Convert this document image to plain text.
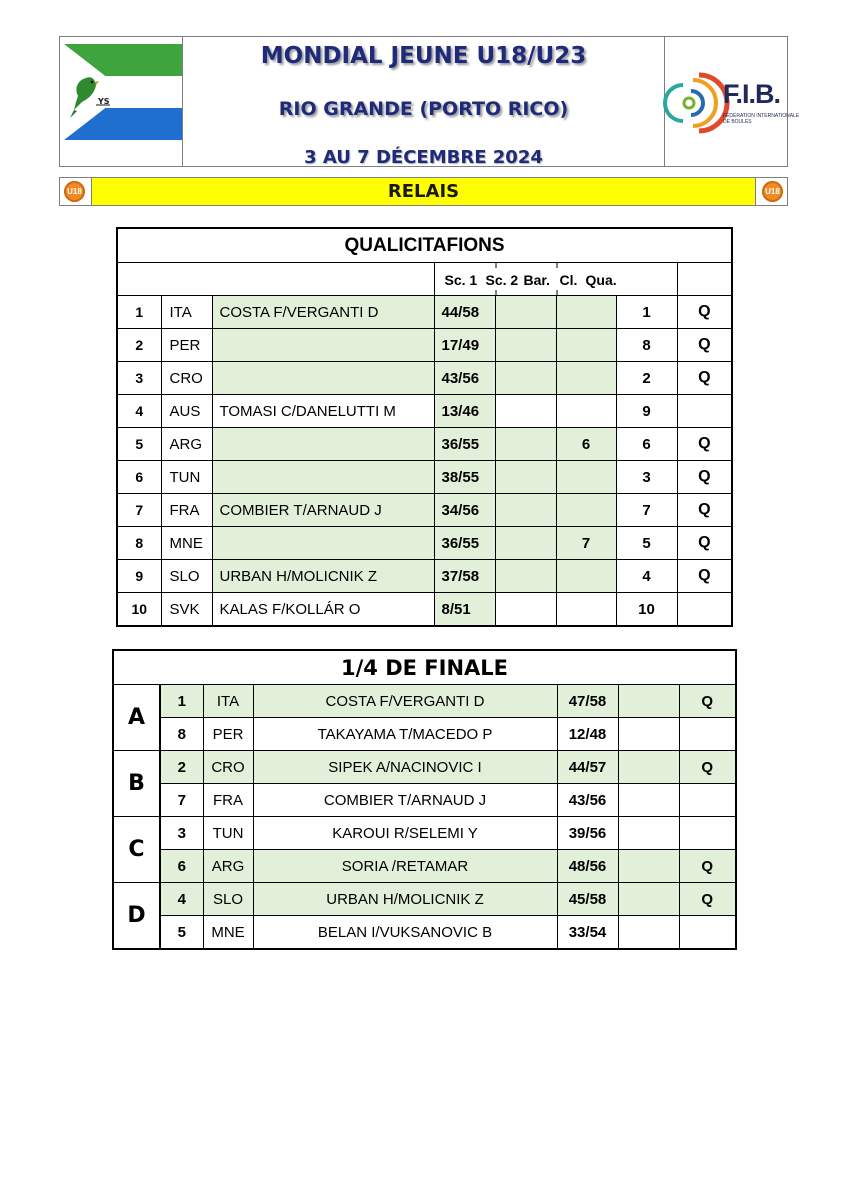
YS
MONDIAL JEUNE U18/U23
RIO GRANDE (PORTO RICO)
3 AU 7 DÉCEMBRE 2024
F.I.B.
FÉDÉRATION INTERNATIONALE
DE BOULES
U18	RELAIS	U18
QUALICITAFIONS							

			Sc. 1 Sc. 2 Bar. Cl. Qua.				

1	ITA	COSTA F/VERGANTI D	44/58			1	Q
2	PER		17/49			8	Q
3	CRO		43/56			2	Q
4	AUS	TOMASI C/DANELUTTI M	13/46			9	
5	ARG		36/55		6	6	Q
6	TUN		38/55			3	Q
7	FRA	COMBIER T/ARNAUD J	34/56			7	Q
8	MNE		36/55		7	5	Q
9	SLO	URBAN H/MOLICNIK Z	37/58			4	Q
10	SVK	KALAS F/KOLLÁR O	8/51			10	
1/4 DE FINALE						
A	1	ITA	COSTA F/VERGANTI D	47/58		Q
	8	PER	TAKAYAMA T/MACEDO P	12/48		
B	2	CRO	SIPEK A/NACINOVIC I	44/57		Q
	7	FRA	COMBIER T/ARNAUD J	43/56		
C	3	TUN	KAROUI R/SELEMI Y	39/56		
	6	ARG	SORIA /RETAMAR	48/56		Q
D	4	SLO	URBAN H/MOLICNIK Z	45/58		Q
	5	MNE	BELAN I/VUKSANOVIC B	33/54		
